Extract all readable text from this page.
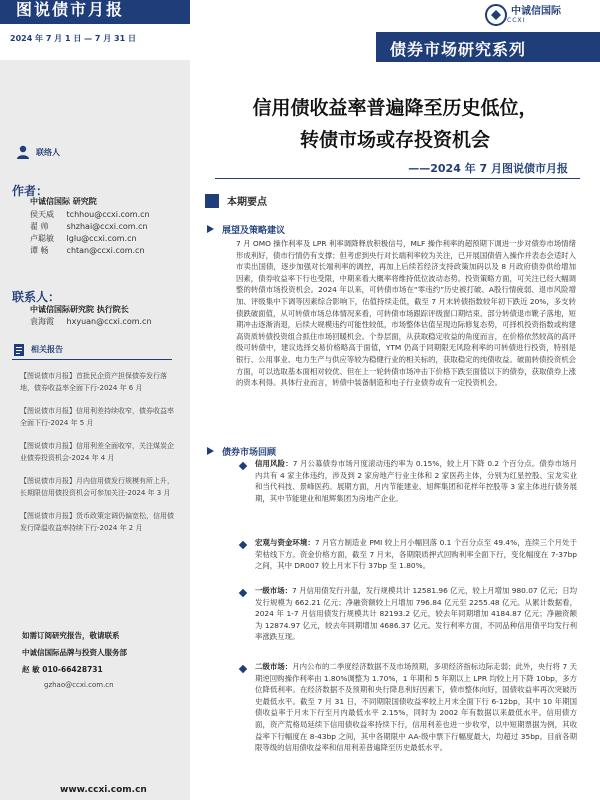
图说债市月报
2024 年 7 月 1 日 — 7 月 31 日
联络人
作者：
中诚信国际 研究院
侯天威 tchhou@ccxi.com.cn
翟 帅 shzhai@ccxi.com.cn
卢聪敏 lglu@ccxi.com.cn
谭 畅 chtan@ccxi.com.cn
联系人：
中诚信国际研究院 执行院长
袁海霞 hxyuan@ccxi.com.cn
相关报告
【图说债市月报】首批民企资产担保债券发行落地，债券收益率全面下行-2024 年 6 月
【图说债市月报】信用利差持续收窄，债券收益率全面下行-2024 年 5 月
【图说债市月报】信用利差全面收窄，关注煤炭企业债券投资机会-2024 年 4 月
【图说债市月报】月内信用债发行规模有所上升，长期限信用债投资机会可参加关注-2024 年 3 月
【图说债市月报】货币政策定调仍偏宽松，信用债发行降温收益率持续下行-2024 年 2 月
如需订阅研究报告，敬请联系
中诚信国际品牌与投资人服务部
赵 敏 010-66428731
gzhao@ccxi.com.cn
www.ccxi.com.cn
中诚信国际
CCXI
债券市场研究系列
信用债收益率普遍降至历史低位，
转债市场或存投资机会
——2024 年 7 月图说债市月报
本期要点
展望及策略建议
7 月 OMO 操作利率及 LPR 利率调降释放积极信号，MLF 操作利率的超预期下调进一步对债券市场情绪形成利好，债市行情仍有支撑；但考虑到央行对长端利率较为关注，已开展国债借入操作并表态会适时入市卖出国债，逐步加强对长端利率的调控，再加上后续若经济支持政策加码以及 8 月政府债券供给增加因素，债券收益率下行也受限，中期来看大概率将维持低位波动态势。投资策略方面，可关注已经大幅调整的转债市场投资机会。2024 年以来，可转债市场在“零违约”历史被打破、A股行情疲弱、退市风险增加、评级集中下调等因素综合影响下，估值持续走低，截至 7 月末转债指数较年初下跌近 20%，多支转债跌破面值，从可转债市场总体情况来看，可转债市场跟踪评级窗口期结束、部分转债退市靴子落地，短期冲击逐渐消退，后续大规模违约可能性较低，市场整体估值呈现边际修复态势，可择机投资指数或构建高资质转债投资组合抓住市场回暖机会。个券层面，从获取稳定收益的角度而言，在价格依然较高的高评级可转债中，建议选择交易价格略高于面值，YTM 仍高于同期限无风险利率的可转债进行投资，特别是银行、公用事业、电力生产与供应等较为稳健行业的相关标的，获取稳定的纯债收益。破面转债投资机会方面，可以选取基本面相对较优、但在上一轮转债市场冲击下价格下跌至面值以下的债券，获取债券上涨的资本利得。具体行业而言，转债中装备制造和电子行业债券或有一定投资机会。
债券市场回顾
信用风险：7 月公募债券市场月度滚动违约率为 0.15%，较上月下降 0.2 个百分点。债券市场月内共有 4 家主体违约，涉及到 2 家房地产行业主体和 2 家医药主体，分别为红星控股、宝龙实业和当代科技、景峰医药。展期方面，月内节能建业、旭辉集团和花样年控股等 3 家主体进行债务展期，其中节能建业和旭辉集团为房地产企业。
宏观与资金环境：7 月官方制造业 PMI 较上月小幅回落 0.1 个百分点至 49.4%，连续三个月处于荣枯线下方。资金价格方面，截至 7 月末，各期限质押式回购利率全面下行，变化幅度在 7-37bp 之间，其中 DR007 较上月末下行 37bp 至 1.80%。
一级市场：7 月信用债发行升温，发行规模共计 12581.96 亿元，较上月增加 980.07 亿元；日均发行规模为 662.21 亿元；净融资额较上月增加 796.84 亿元至 2255.48 亿元。从累计数据看，2024 年 1-7 月信用债发行规模共计 82193.2 亿元，较去年同期增加 4184.87 亿元；净融资额为 12874.97 亿元，较去年同期增加 4686.37 亿元。发行利率方面，不同品种信用债平均发行利率涨跌互现。
二级市场：月内公布的二季度经济数据不及市场预期，多项经济指标边际走弱；此外，央行将 7 天期逆回购操作利率由 1.80%调整为 1.70%，1 年期和 5 年期以上 LPR 均较上月下降 10bp，多方位降低利率。在经济数据不及预期和央行降息利好因素下，债市整体向好，国债收益率再次突破历史最低水平。截至 7 月 31 日，不同期限国债收益率较上月末全面下行 6-12bp，其中 10 年期国债收益率于月末下行至月内最低水平 2.15%，同时为 2002 年有数据以来最低水平。信用债方面，资产荒格局延续下信用债收益率持续下行，信用利差也进一步收窄，以中短期票据为例，其收益率下行幅度在 8-43bp 之间，其中各期限中 AA-级中票下行幅度最大，均超过 35bp。目前各期限等级的信用债收益率和信用利差普遍降至历史最低水平。
